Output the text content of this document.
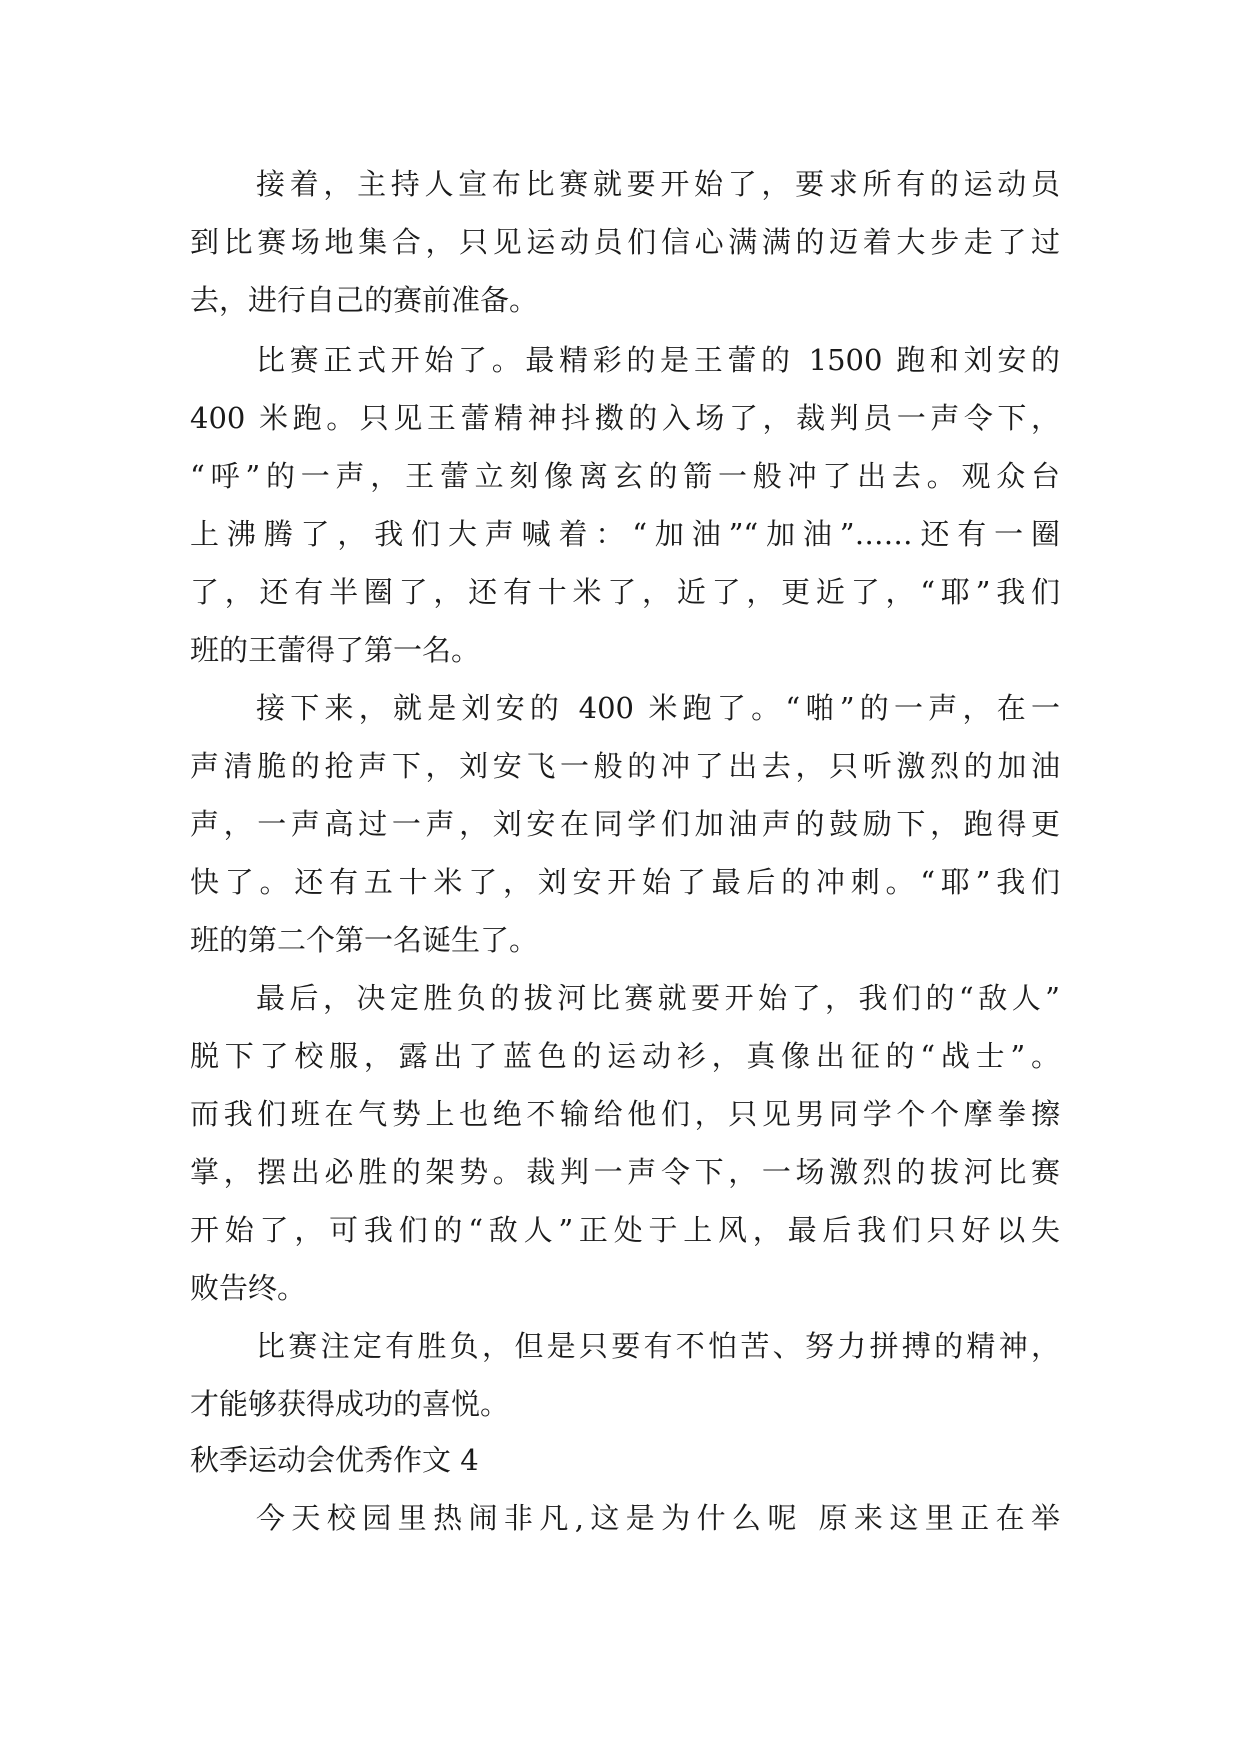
接着，主持人宣布比赛就要开始了，要求所有的运动员
到比赛场地集合，只见运动员们信心满满的迈着大步走了过
去，进行自己的赛前准备。
比赛正式开始了。最精彩的是王蕾的 1500 跑和刘安的
400 米跑。只见王蕾精神抖擞的入场了，裁判员一声令下，
“呼”的一声，王蕾立刻像离玄的箭一般冲了出去。观众台
上沸腾了，我们大声喊着：“加油”“加油”……还有一圈
了，还有半圈了，还有十米了，近了，更近了，“耶”我们
班的王蕾得了第一名。
接下来，就是刘安的 400 米跑了。“啪”的一声，在一
声清脆的抢声下，刘安飞一般的冲了出去，只听激烈的加油
声，一声高过一声，刘安在同学们加油声的鼓励下，跑得更
快了。还有五十米了，刘安开始了最后的冲刺。“耶”我们
班的第二个第一名诞生了。
最后，决定胜负的拔河比赛就要开始了，我们的“敌人”
脱下了校服，露出了蓝色的运动衫，真像出征的“战士”。
而我们班在气势上也绝不输给他们，只见男同学个个摩拳擦
掌，摆出必胜的架势。裁判一声令下，一场激烈的拔河比赛
开始了，可我们的“敌人”正处于上风，最后我们只好以失
败告终。
比赛注定有胜负，但是只要有不怕苦、努力拼搏的精神，
才能够获得成功的喜悦。
秋季运动会优秀作文 4
今天校园里热闹非凡,这是为什么呢 原来这里正在举
